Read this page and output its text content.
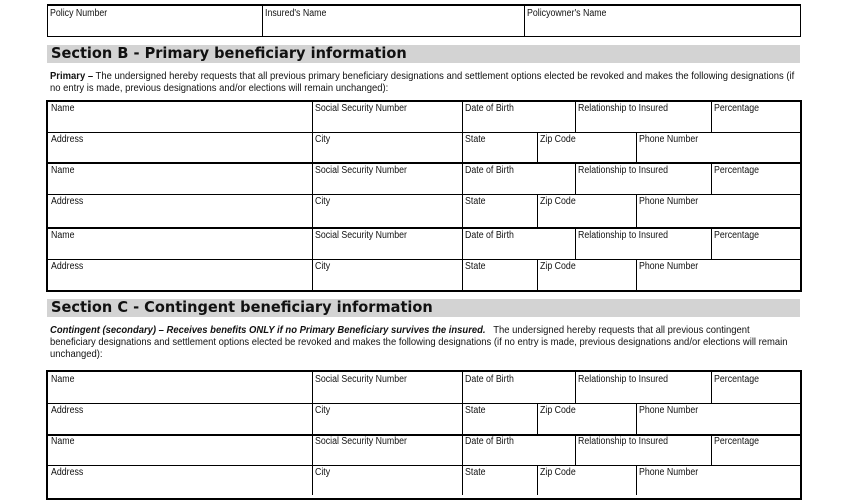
Policy Number	Insured's Name	Policyowner's Name
Section B - Primary beneficiary information
Primary – The undersigned hereby requests that all previous primary beneficiary designations and settlement options elected be revoked and makes the following designations (if no entry is made, previous designations and/or elections will remain unchanged):
Name	Social Security Number	Date of Birth	Relationship to Insured	Percentage
Address	City	State	Zip Code	Phone Number
Name	Social Security Number	Date of Birth	Relationship to Insured	Percentage
Address	City	State	Zip Code	Phone Number
Name	Social Security Number	Date of Birth	Relationship to Insured	Percentage
Address	City	State	Zip Code	Phone Number
Section C - Contingent beneficiary information
Contingent (secondary) – Receives benefits ONLY if no Primary Beneficiary survives the insured. The undersigned hereby requests that all previous contingent beneficiary designations and settlement options elected be revoked and makes the following designations (if no entry is made, previous designations and/or elections will remain unchanged):
Name	Social Security Number	Date of Birth	Relationship to Insured	Percentage
Address	City	State	Zip Code	Phone Number
Name	Social Security Number	Date of Birth	Relationship to Insured	Percentage
Address	City	State	Zip Code	Phone Number
